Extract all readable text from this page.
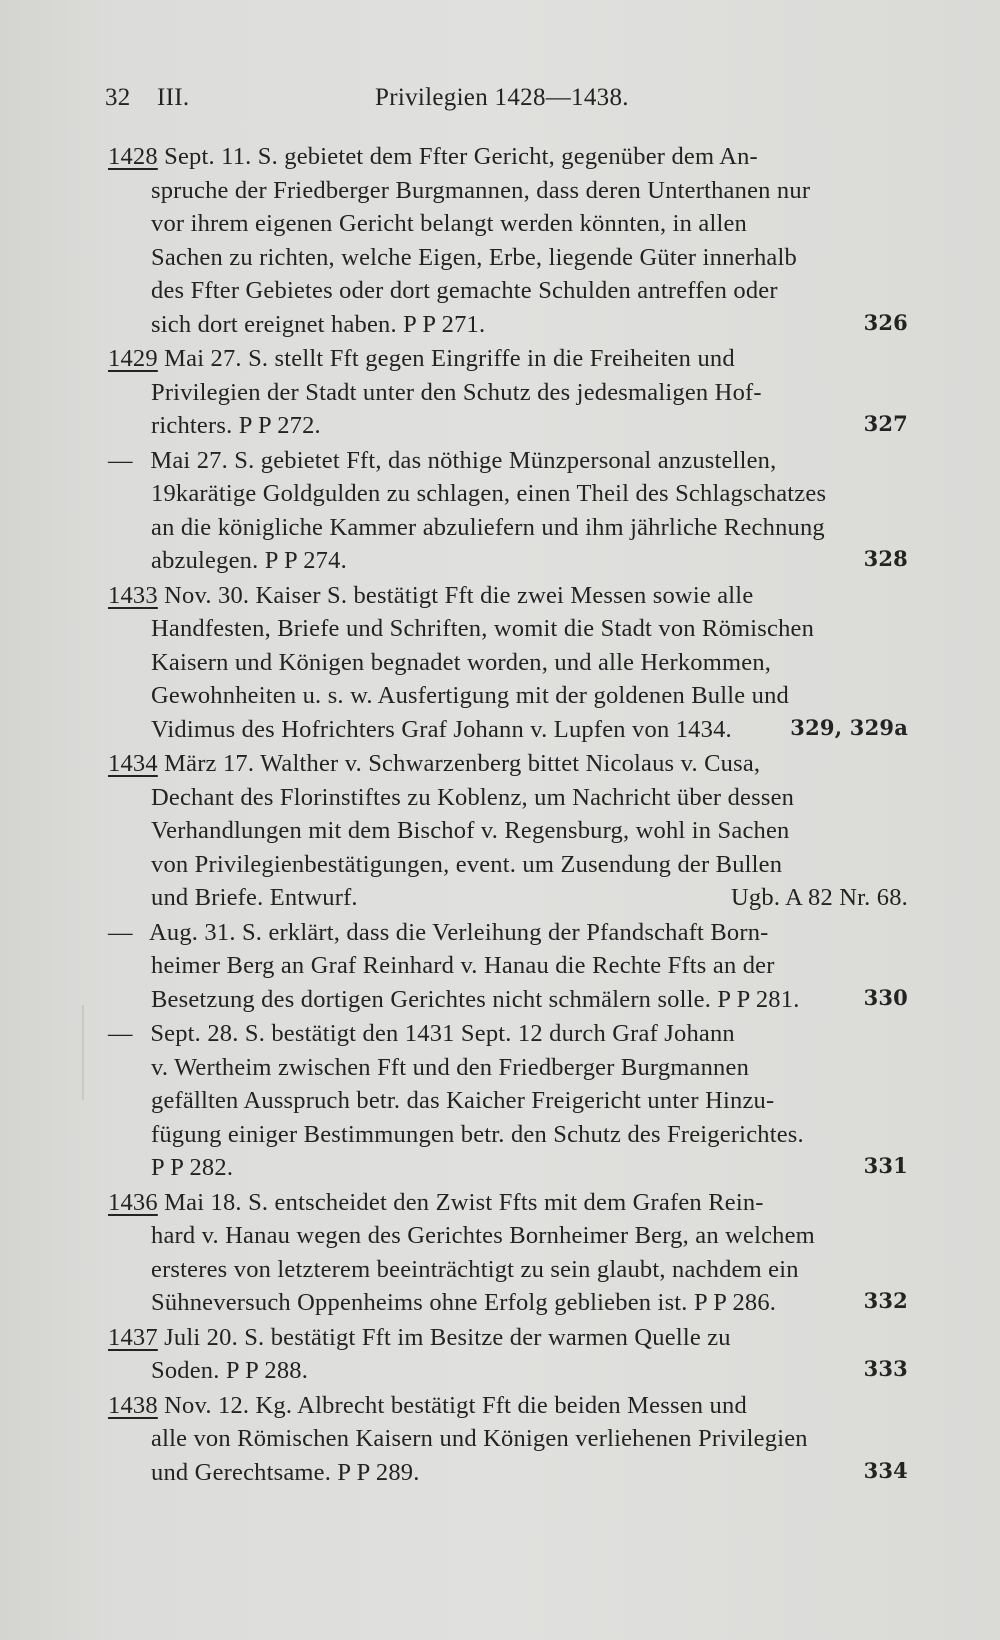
32 III.	Privilegien 1428—1438.
1428 Sept. 11. S. gebietet dem Ffter Gericht, gegenüber dem An-
spruche der Friedberger Burgmannen, dass deren Unterthanen nur
vor ihrem eigenen Gericht belangt werden könnten, in allen
Sachen zu richten, welche Eigen, Erbe, liegende Güter innerhalb
des Ffter Gebietes oder dort gemachte Schulden antreffen oder
sich dort ereignet haben. P P 271.	326
1429 Mai 27. S. stellt Fft gegen Eingriffe in die Freiheiten und
Privilegien der Stadt unter den Schutz des jedesmaligen Hof-
richters. P P 272.	327
— Mai 27. S. gebietet Fft, das nöthige Münzpersonal anzustellen,
19karätige Goldgulden zu schlagen, einen Theil des Schlagschatzes
an die königliche Kammer abzuliefern und ihm jährliche Rechnung
abzulegen. P P 274.	328
1433 Nov. 30. Kaiser S. bestätigt Fft die zwei Messen sowie alle
Handfesten, Briefe und Schriften, womit die Stadt von Römischen
Kaisern und Königen begnadet worden, und alle Herkommen,
Gewohnheiten u. s. w. Ausfertigung mit der goldenen Bulle und
Vidimus des Hofrichters Graf Johann v. Lupfen von 1434.	329, 329a
1434 März 17. Walther v. Schwarzenberg bittet Nicolaus v. Cusa,
Dechant des Florinstiftes zu Koblenz, um Nachricht über dessen
Verhandlungen mit dem Bischof v. Regensburg, wohl in Sachen
von Privilegienbestätigungen, event. um Zusendung der Bullen
und Briefe. Entwurf.	Ugb. A 82 Nr. 68.
— Aug. 31. S. erklärt, dass die Verleihung der Pfandschaft Born-
heimer Berg an Graf Reinhard v. Hanau die Rechte Ffts an der
Besetzung des dortigen Gerichtes nicht schmälern solle. P P 281.	330
— Sept. 28. S. bestätigt den 1431 Sept. 12 durch Graf Johann
v. Wertheim zwischen Fft und den Friedberger Burgmannen
gefällten Ausspruch betr. das Kaicher Freigericht unter Hinzu-
fügung einiger Bestimmungen betr. den Schutz des Freigerichtes.
P P 282.	331
1436 Mai 18. S. entscheidet den Zwist Ffts mit dem Grafen Rein-
hard v. Hanau wegen des Gerichtes Bornheimer Berg, an welchem
ersteres von letzterem beeinträchtigt zu sein glaubt, nachdem ein
Sühneversuch Oppenheims ohne Erfolg geblieben ist. P P 286.	332
1437 Juli 20. S. bestätigt Fft im Besitze der warmen Quelle zu
Soden. P P 288.	333
1438 Nov. 12. Kg. Albrecht bestätigt Fft die beiden Messen und
alle von Römischen Kaisern und Königen verliehenen Privilegien
und Gerechtsame. P P 289.	334
